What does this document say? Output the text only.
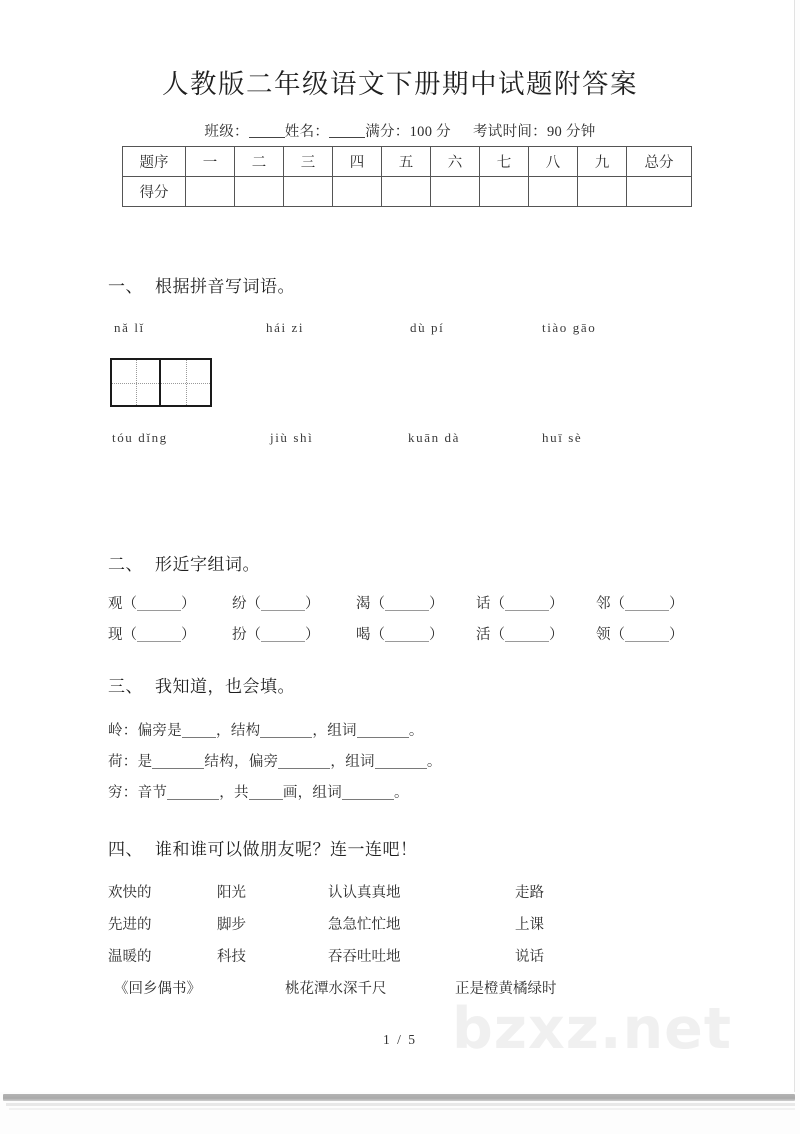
bzxz.net
人教版二年级语文下册期中试题附答案
班级： 姓名： 满分：100 分 考试时间：90 分钟
题序	一	二	三	四	五	六	七	八	九	总分
得分										
一、 根据拼音写词语。
nǎ lǐ	hái zi	dù pí	tiào gāo
tóu dǐng	jiù shì	kuān dà	huī sè
二、 形近字组词。
观（	）	纷（	）	渴（	） 话（	） 邻（	）
现（	）	扮（	）	喝（	） 活（	） 领（	）
三、 我知道，也会填。
岭：偏旁是 ，结构	，组词	。
荷：是	结构，偏旁	，组词	。
穷：音节	，共 画，组词	。
四、 谁和谁可以做朋友呢？连一连吧！
欢快的	阳光	认认真真地	走路
先进的	脚步	急急忙忙地	上课
温暖的	科技	吞吞吐吐地	说话
《回乡偶书》	桃花潭水深千尺	正是橙黄橘绿时
1 / 5
